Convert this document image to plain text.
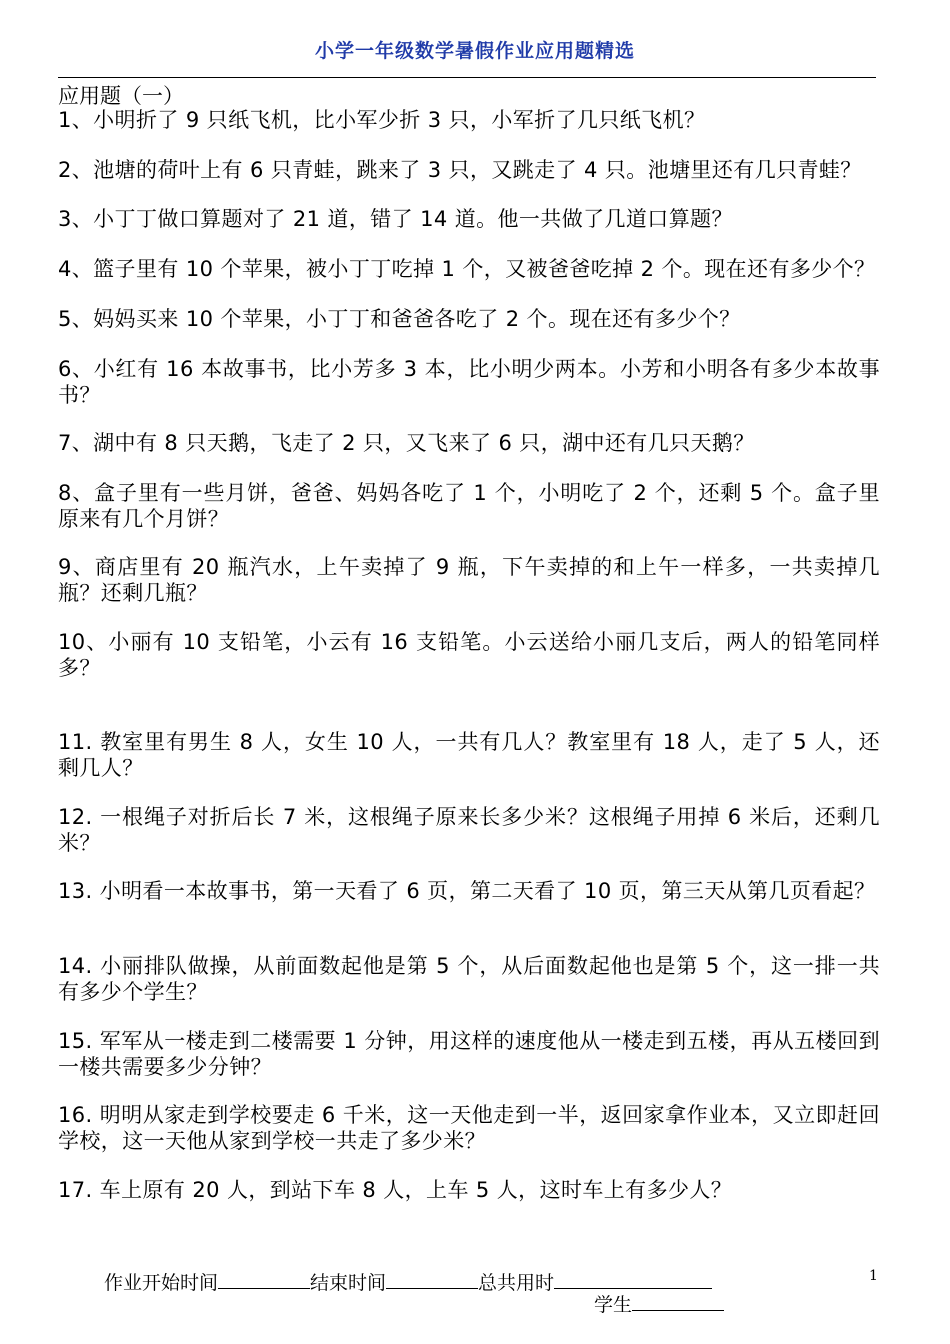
小学一年级数学暑假作业应用题精选
应用题（一）
1、小明折了 9 只纸飞机，比小军少折 3 只，小军折了几只纸飞机？
2、池塘的荷叶上有 6 只青蛙，跳来了 3 只，又跳走了 4 只。池塘里还有几只青蛙？
3、小丁丁做口算题对了 21 道，错了 14 道。他一共做了几道口算题？
4、篮子里有 10 个苹果，被小丁丁吃掉 1 个，又被爸爸吃掉 2 个。现在还有多少个？
5、妈妈买来 10 个苹果，小丁丁和爸爸各吃了 2 个。现在还有多少个？
6、小红有 16 本故事书，比小芳多 3 本，比小明少两本。小芳和小明各有多少本故事书？
7、湖中有 8 只天鹅，飞走了 2 只，又飞来了 6 只，湖中还有几只天鹅？
8、盒子里有一些月饼，爸爸、妈妈各吃了 1 个，小明吃了 2 个，还剩 5 个。盒子里原来有几个月饼？
9、商店里有 20 瓶汽水，上午卖掉了 9 瓶，下午卖掉的和上午一样多，一共卖掉几瓶？还剩几瓶？
10、小丽有 10 支铅笔，小云有 16 支铅笔。小云送给小丽几支后，两人的铅笔同样多？
11. 教室里有男生 8 人，女生 10 人，一共有几人？教室里有 18 人，走了 5 人，还剩几人？
12. 一根绳子对折后长 7 米，这根绳子原来长多少米？这根绳子用掉 6 米后，还剩几米？
13. 小明看一本故事书，第一天看了 6 页，第二天看了 10 页，第三天从第几页看起？
14. 小丽排队做操，从前面数起他是第 5 个，从后面数起他也是第 5 个，这一排一共有多少个学生？
15. 军军从一楼走到二楼需要 1 分钟，用这样的速度他从一楼走到五楼，再从五楼回到一楼共需要多少分钟？
16. 明明从家走到学校要走 6 千米，这一天他走到一半，返回家拿作业本，又立即赶回学校，这一天他从家到学校一共走了多少米？
17. 车上原有 20 人，到站下车 8 人，上车 5 人，这时车上有多少人？
作业开始时间	结束时间	总共用时
学生
1
